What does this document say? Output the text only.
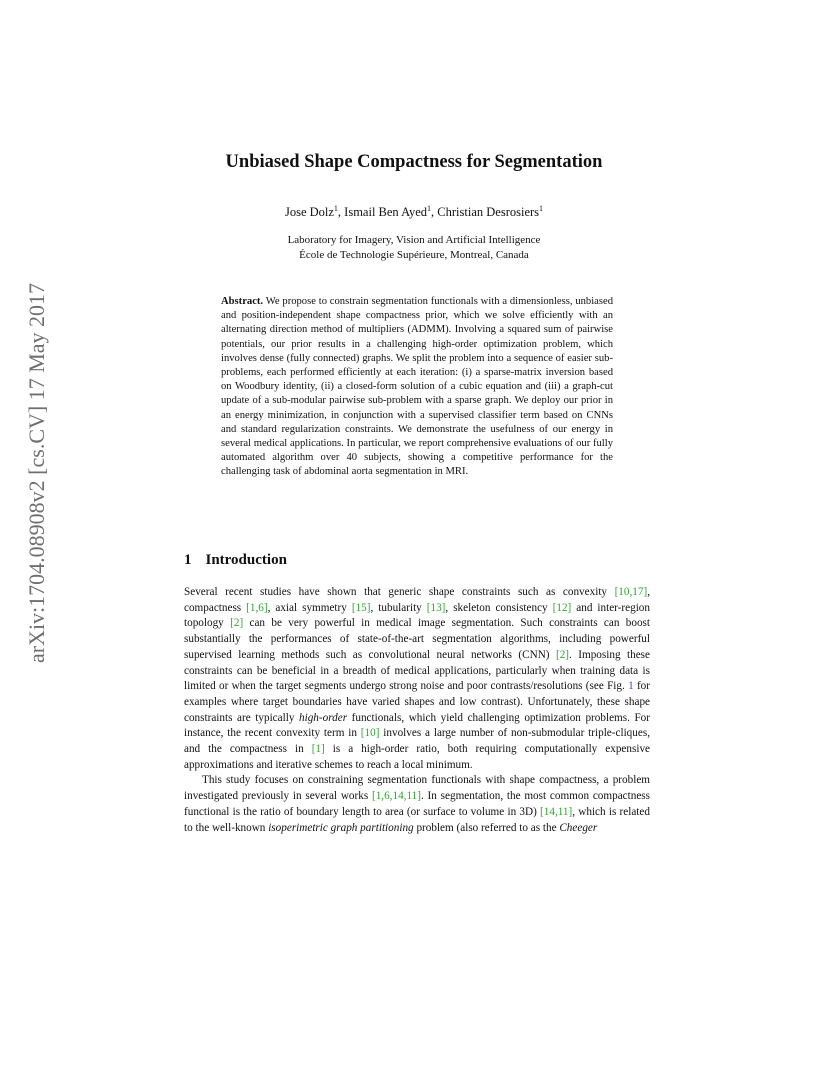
arXiv:1704.08908v2 [cs.CV] 17 May 2017
Unbiased Shape Compactness for Segmentation
Jose Dolz$^1$, Ismail Ben Ayed$^1$, Christian Desrosiers$^1$
Laboratory for Imagery, Vision and Artificial Intelligence
École de Technologie Supérieure, Montreal, Canada
Abstract. We propose to constrain segmentation functionals with a dimensionless, unbiased and position-independent shape compactness prior, which we solve efficiently with an alternating direction method of multipliers (ADMM). Involving a squared sum of pairwise potentials, our prior results in a challenging high-order optimization problem, which involves dense (fully connected) graphs. We split the problem into a sequence of easier sub-problems, each performed efficiently at each iteration: (i) a sparse-matrix inversion based on Woodbury identity, (ii) a closed-form solution of a cubic equation and (iii) a graph-cut update of a sub-modular pairwise sub-problem with a sparse graph. We deploy our prior in an energy minimization, in conjunction with a supervised classifier term based on CNNs and standard regularization constraints. We demonstrate the usefulness of our energy in several medical applications. In particular, we report comprehensive evaluations of our fully automated algorithm over 40 subjects, showing a competitive performance for the challenging task of abdominal aorta segmentation in MRI.
1 Introduction

Several recent studies have shown that generic shape constraints such as convexity [10,17], compactness [1,6], axial symmetry [15], tubularity [13], skeleton consistency [12] and inter-region topology [2] can be very powerful in medical image segmentation. Such constraints can boost substantially the performances of state-of-the-art segmentation algorithms, including powerful supervised learning methods such as convolutional neural networks (CNN) [2]. Imposing these constraints can be beneficial in a breadth of medical applications, particularly when training data is limited or when the target segments undergo strong noise and poor contrasts/resolutions (see Fig. 1 for examples where target boundaries have varied shapes and low contrast). Unfortunately, these shape constraints are typically high-order functionals, which yield challenging optimization problems. For instance, the recent convexity term in [10] involves a large number of non-submodular triple-cliques, and the compactness in [1] is a high-order ratio, both requiring computationally expensive approximations and iterative schemes to reach a local minimum.

This study focuses on constraining segmentation functionals with shape compactness, a problem investigated previously in several works [1,6,14,11]. In segmentation, the most common compactness functional is the ratio of boundary length to area (or surface to volume in 3D) [14,11], which is related to the well-known isoperimetric graph partitioning problem (also referred to as the Cheeger
